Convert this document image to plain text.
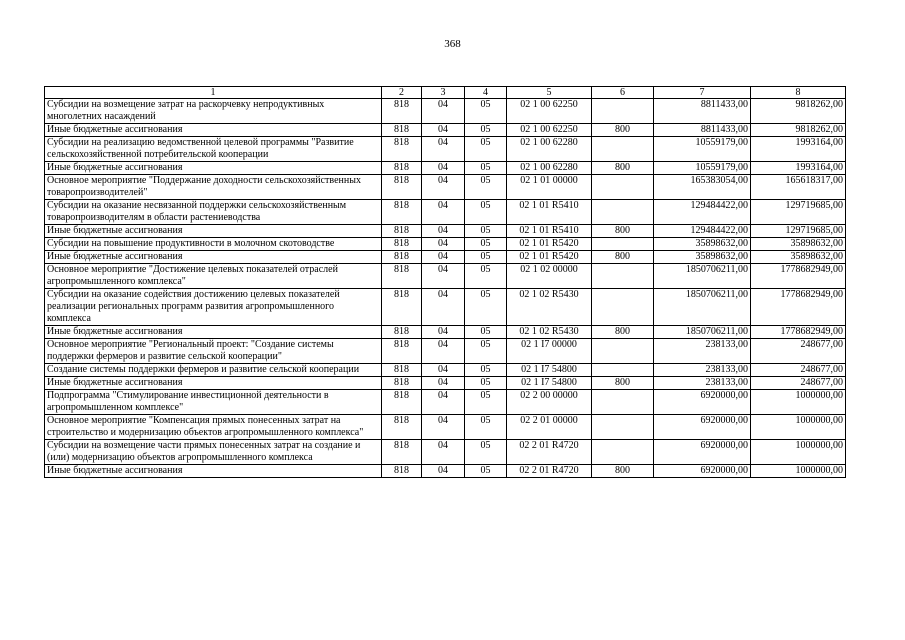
368
1	2	3	4	5	6	7	8
Субсидии на возмещение затрат на раскорчевку непродуктивных многолетних насаждений	818	04	05	02 1 00 62250		8811433,00	9818262,00
Иные бюджетные ассигнования	818	04	05	02 1 00 62250	800	8811433,00	9818262,00
Субсидии на реализацию ведомственной целевой программы "Развитие сельскохозяйственной потребительской кооперации	818	04	05	02 1 00 62280		10559179,00	1993164,00
Иные бюджетные ассигнования	818	04	05	02 1 00 62280	800	10559179,00	1993164,00
Основное мероприятие "Поддержание доходности сельскохозяйственных товаропроизводителей"	818	04	05	02 1 01 00000		165383054,00	165618317,00
Субсидии на оказание несвязанной поддержки сельскохозяйственным товаропроизводителям в области растениеводства	818	04	05	02 1 01 R5410		129484422,00	129719685,00
Иные бюджетные ассигнования	818	04	05	02 1 01 R5410	800	129484422,00	129719685,00
Субсидии на повышение продуктивности в молочном скотоводстве	818	04	05	02 1 01 R5420		35898632,00	35898632,00
Иные бюджетные ассигнования	818	04	05	02 1 01 R5420	800	35898632,00	35898632,00
Основное мероприятие "Достижение целевых показателей отраслей агропромышленного комплекса"	818	04	05	02 1 02 00000		1850706211,00	1778682949,00
Субсидии на оказание содействия достижению целевых показателей реализации региональных программ развития агропромышленного комплекса	818	04	05	02 1 02 R5430		1850706211,00	1778682949,00
Иные бюджетные ассигнования	818	04	05	02 1 02 R5430	800	1850706211,00	1778682949,00
Основное мероприятие "Региональный проект: "Создание системы поддержки фермеров и развитие сельской кооперации"	818	04	05	02 1 I7 00000		238133,00	248677,00
Создание системы поддержки фермеров и развитие сельской кооперации	818	04	05	02 1 I7 54800		238133,00	248677,00
Иные бюджетные ассигнования	818	04	05	02 1 I7 54800	800	238133,00	248677,00
Подпрограмма "Стимулирование инвестиционной деятельности в агропромышленном комплексе"	818	04	05	02 2 00 00000		6920000,00	1000000,00
Основное мероприятие "Компенсация прямых понесенных затрат на строительство и модернизацию объектов агропромышленного комплекса"	818	04	05	02 2 01 00000		6920000,00	1000000,00
Субсидии на возмещение части прямых понесенных затрат на создание и (или) модернизацию объектов агропромышленного комплекса	818	04	05	02 2 01 R4720		6920000,00	1000000,00
Иные бюджетные ассигнования	818	04	05	02 2 01 R4720	800	6920000,00	1000000,00
